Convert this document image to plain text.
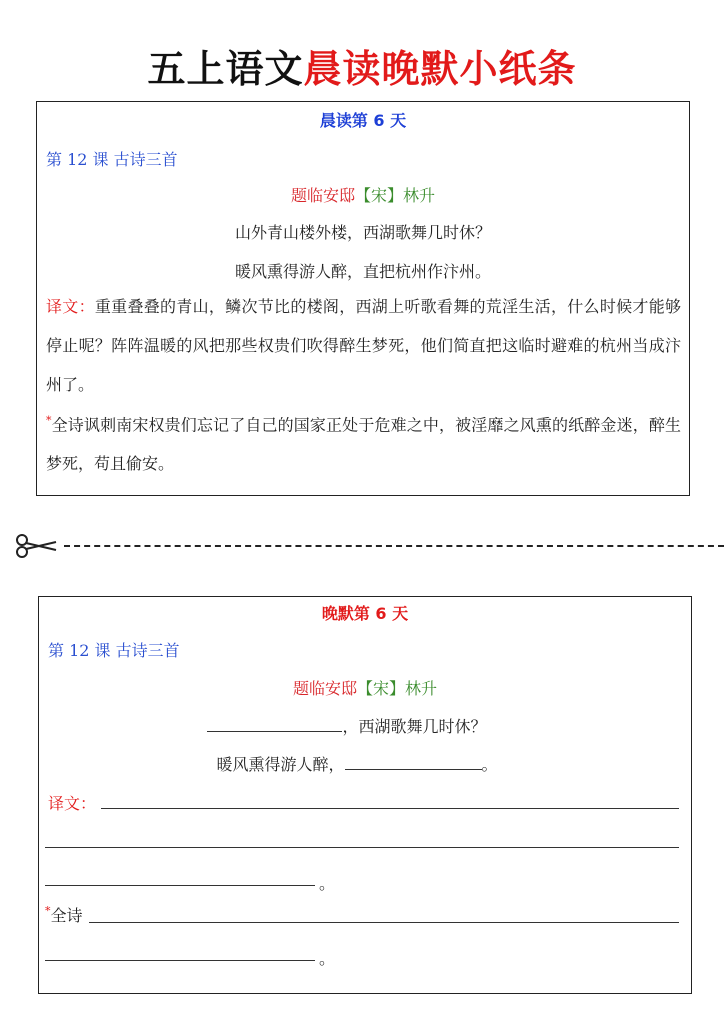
五上语文晨读晚默小纸条
晨读第 6 天
第 12 课 古诗三首
题临安邸【宋】林升
山外青山楼外楼，西湖歌舞几时休？
暖风熏得游人醉，直把杭州作汴州。
译文：重重叠叠的青山，鳞次节比的楼阁，西湖上听歌看舞的荒淫生活，什么时候才能够停止呢？阵阵温暖的风把那些权贵们吹得醉生梦死，他们简直把这临时避难的杭州当成汴州了。
*全诗讽刺南宋权贵们忘记了自己的国家正处于危难之中，被淫靡之风熏的纸醉金迷，醉生梦死，苟且偷安。
晚默第 6 天
第 12 课 古诗三首
题临安邸【宋】林升
，西湖歌舞几时休？
暖风熏得游人醉，	。
译文：
。
*全诗
。
